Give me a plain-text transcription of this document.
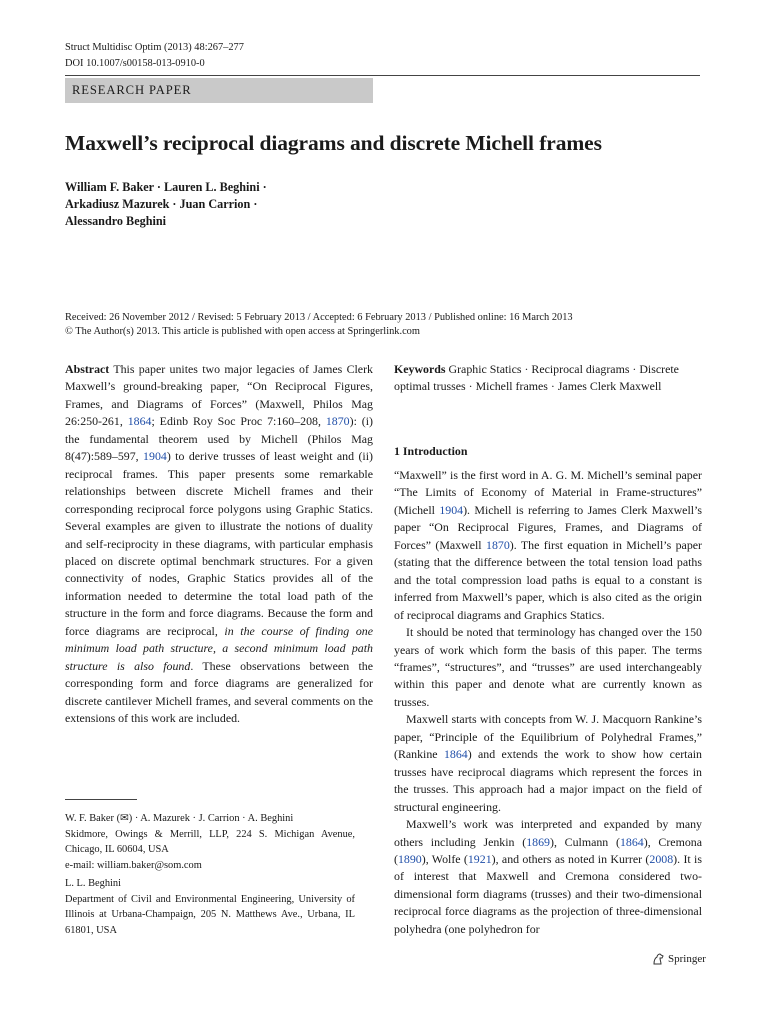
Struct Multidisc Optim (2013) 48:267–277
DOI 10.1007/s00158-013-0910-0
RESEARCH PAPER
Maxwell’s reciprocal diagrams and discrete Michell frames
William F. Baker · Lauren L. Beghini ·
Arkadiusz Mazurek · Juan Carrion ·
Alessandro Beghini
Received: 26 November 2012 / Revised: 5 February 2013 / Accepted: 6 February 2013 / Published online: 16 March 2013
© The Author(s) 2013. This article is published with open access at Springerlink.com
Abstract This paper unites two major legacies of James Clerk Maxwell’s ground-breaking paper, “On Reciprocal Figures, Frames, and Diagrams of Forces” (Maxwell, Philos Mag 26:250-261, 1864; Edinb Roy Soc Proc 7:160–208, 1870): (i) the fundamental theorem used by Michell (Philos Mag 8(47):589–597, 1904) to derive trusses of least weight and (ii) reciprocal frames. This paper presents some remarkable relationships between discrete Michell frames and their corresponding reciprocal force polygons using Graphic Statics. Several examples are given to illustrate the notions of duality and self-reciprocity in these diagrams, with particular emphasis placed on discrete optimal benchmark structures. For a given connectivity of nodes, Graphic Statics provides all of the information needed to determine the total load path of the structure in the form and force diagrams. Because the form and force diagrams are reciprocal, in the course of finding one minimum load path structure, a second minimum load path structure is also found. These observations between the corresponding form and force diagrams are generalized for discrete cantilever Michell frames, and several comments on the extensions of this work are included.
W. F. Baker (✉) · A. Mazurek · J. Carrion · A. Beghini
Skidmore, Owings & Merrill, LLP, 224 S. Michigan Avenue, Chicago, IL 60604, USA
e-mail: william.baker@som.com
L. L. Beghini
Department of Civil and Environmental Engineering, University of Illinois at Urbana-Champaign, 205 N. Matthews Ave., Urbana, IL 61801, USA
Keywords Graphic Statics · Reciprocal diagrams · Discrete optimal trusses · Michell frames · James Clerk Maxwell
1 Introduction

“Maxwell” is the first word in A. G. M. Michell’s seminal paper “The Limits of Economy of Material in Frame-structures” (Michell 1904). Michell is referring to James Clerk Maxwell’s paper “On Reciprocal Figures, Frames, and Diagrams of Forces” (Maxwell 1870). The first equation in Michell’s paper (stating that the difference between the total tension load paths and the total compression load paths is equal to a constant is inferred from Maxwell’s paper, which is also cited as the origin of reciprocal diagrams and Graphics Statics.

It should be noted that terminology has changed over the 150 years of work which form the basis of this paper. The terms “frames”, “structures”, and “trusses” are used interchangeably within this paper and denote what are currently known as trusses.

Maxwell starts with concepts from W. J. Macquorn Rankine’s paper, “Principle of the Equilibrium of Polyhedral Frames,” (Rankine 1864) and extends the work to show how certain trusses have reciprocal diagrams which represent the forces in the trusses. This approach had a major impact on the field of structural engineering.

Maxwell’s work was interpreted and expanded by many others including Jenkin (1869), Culmann (1864), Cremona (1890), Wolfe (1921), and others as noted in Kurrer (2008). It is of interest that Maxwell and Cremona considered two-dimensional form diagrams (trusses) and their two-dimensional reciprocal force diagrams as the projection of three-dimensional polyhedra (one polyhedron for

Springer
